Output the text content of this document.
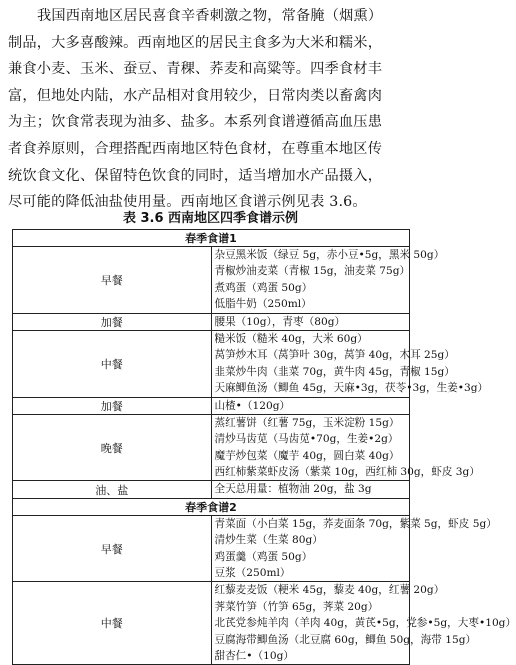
我国西南地区居民喜食辛香刺激之物，常备腌（烟熏）

制品，大多喜酸辣。西南地区的居民主食多为大米和糯米，

兼食小麦、玉米、蚕豆、青稞、荞麦和高粱等。四季食材丰

富，但地处内陆，水产品相对食用较少，日常肉类以畜禽肉

为主；饮食常表现为油多、盐多。本系列食谱遵循高血压患

者食养原则，合理搭配西南地区特色食材，在尊重本地区传

统饮食文化、保留特色饮食的同时，适当增加水产品摄入，

尽可能的降低油盐使用量。西南地区食谱示例见表 3.6。

表 3.6 西南地区四季食谱示例
春季食谱1	
早餐	杂豆黑米饭（绿豆 5g，赤小豆•5g，黑米 50g）
青椒炒油麦菜（青椒 15g，油麦菜 75g）
煮鸡蛋（鸡蛋 50g）
低脂牛奶（250ml）

加餐	腰果（10g），青枣（80g）

中餐	糙米饭（糙米 40g，大米 60g）
莴笋炒木耳（莴笋叶 30g，莴笋 40g，木耳 25g）
韭菜炒牛肉（韭菜 70g，黄牛肉 45g，青椒 15g）
天麻鲫鱼汤（鲫鱼 45g，天麻•3g，茯苓•3g，生姜•3g）

加餐	山楂•（120g）

晚餐	蒸红薯饼（红薯 75g，玉米淀粉 15g）
清炒马齿苋（马齿苋•70g，生姜•2g）
魔芋炒包菜（魔芋 40g，圆白菜 40g）
西红柿紫菜虾皮汤（紫菜 10g，西红柿 30g，虾皮 3g）

油、盐	全天总用量：植物油 20g，盐 3g

春季食谱2	
早餐	青菜面（小白菜 15g，荞麦面条 70g，紫菜 5g，虾皮 5g）
清炒生菜（生菜 80g）
鸡蛋羹（鸡蛋 50g）
豆浆（250ml）

中餐	红藜麦麦饭（粳米 45g，藜麦 40g，红薯 20g）
荠菜竹笋（竹笋 65g，荠菜 20g）
北芪党参炖羊肉（羊肉 40g，黄芪•5g，党参•5g，大枣•10g）
豆腐海带鲫鱼汤（北豆腐 60g，鲫鱼 50g，海带 15g）
甜杏仁•（10g）
